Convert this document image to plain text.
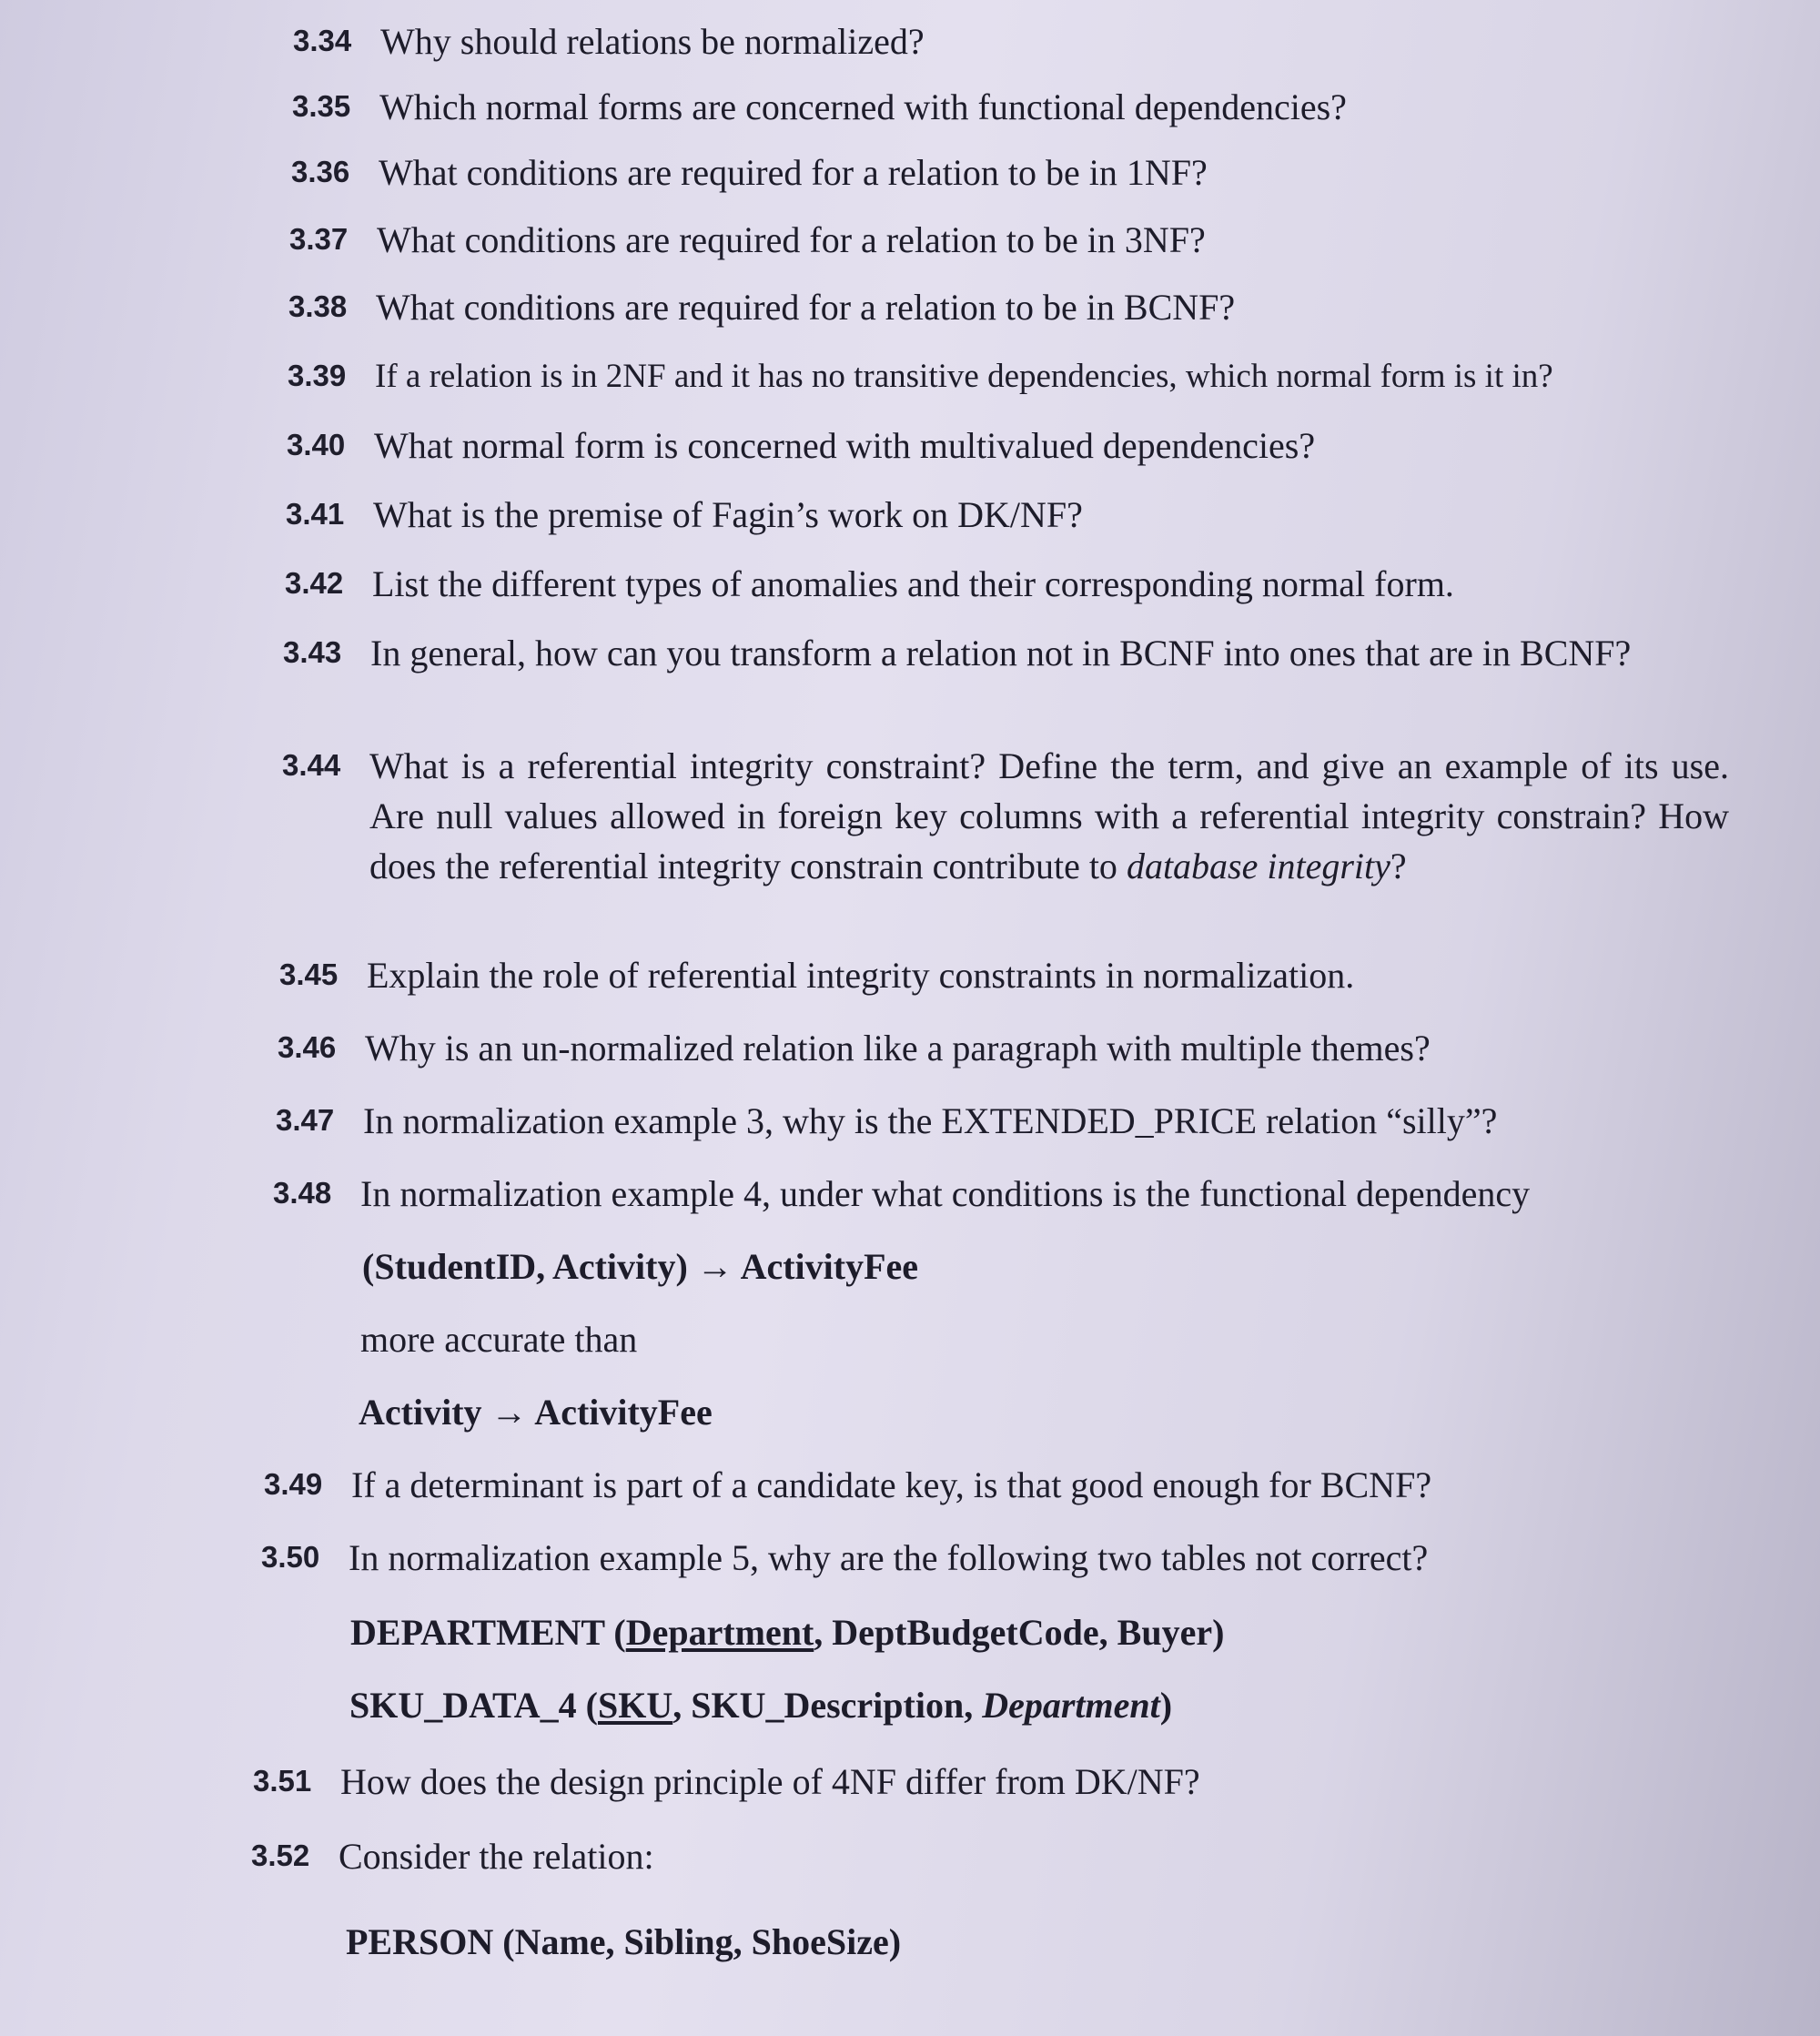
3.34 Why should relations be normalized?
3.35 Which normal forms are concerned with functional dependencies?
3.36 What conditions are required for a relation to be in 1NF?
3.37 What conditions are required for a relation to be in 3NF?
3.38 What conditions are required for a relation to be in BCNF?
3.39 If a relation is in 2NF and it has no transitive dependencies, which normal form is it in?
3.40 What normal form is concerned with multivalued dependencies?
3.41 What is the premise of Fagin’s work on DK/NF?
3.42 List the different types of anomalies and their corresponding normal form.
3.43 In general, how can you transform a relation not in BCNF into ones that are in BCNF?
3.44 What is a referential integrity constraint? Define the term, and give an example of its use. Are null values allowed in foreign key columns with a referential integrity constrain? How does the referential integrity constrain contribute to database integrity?
3.45 Explain the role of referential integrity constraints in normalization.
3.46 Why is an un-normalized relation like a paragraph with multiple themes?
3.47 In normalization example 3, why is the EXTENDED_PRICE relation “silly”?
3.48 In normalization example 4, under what conditions is the functional dependency
(StudentID, Activity) → ActivityFee
more accurate than
Activity → ActivityFee
3.49 If a determinant is part of a candidate key, is that good enough for BCNF?
3.50 In normalization example 5, why are the following two tables not correct?
DEPARTMENT (Department, DeptBudgetCode, Buyer)
SKU_DATA_4 (SKU, SKU_Description, Department)
3.51 How does the design principle of 4NF differ from DK/NF?
3.52 Consider the relation:
PERSON (Name, Sibling, ShoeSize)
